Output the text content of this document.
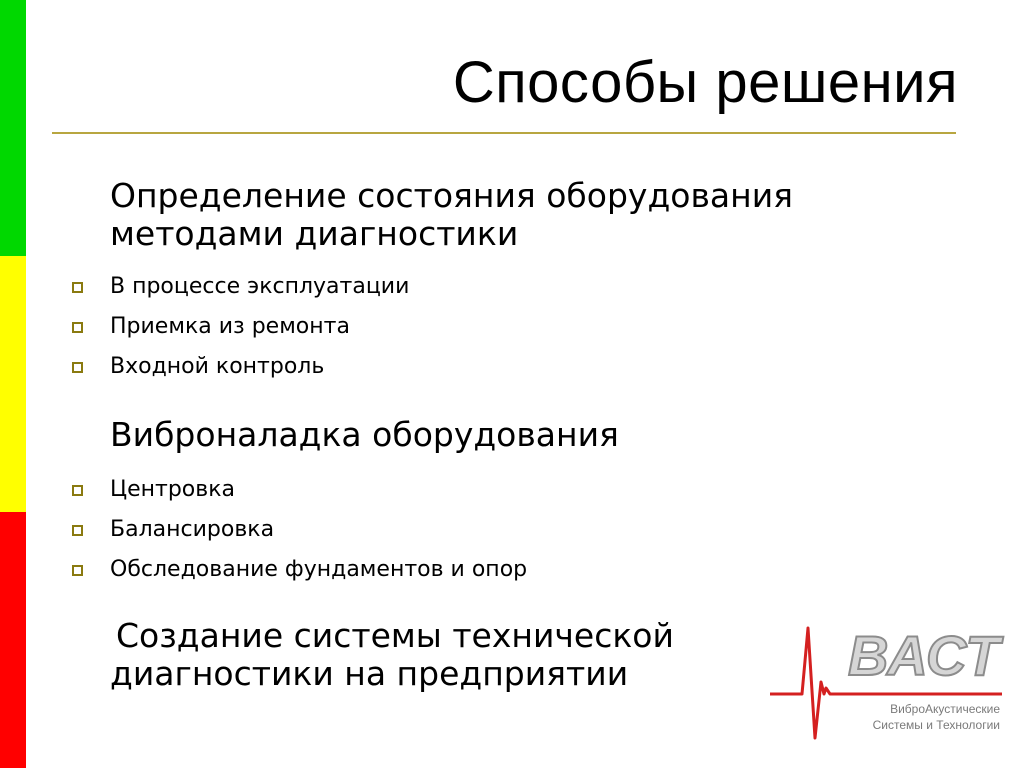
Способы решения
Определение состояния оборудования
методами диагностики
В процессе эксплуатации
Приемка из ремонта
Входной контроль
Виброналадка оборудования
Центровка
Балансировка
Обследование фундаментов и опор
Создание системы технической
диагностики на предприятии	ВАСТ
ВиброАкустические
Системы и Технологии
